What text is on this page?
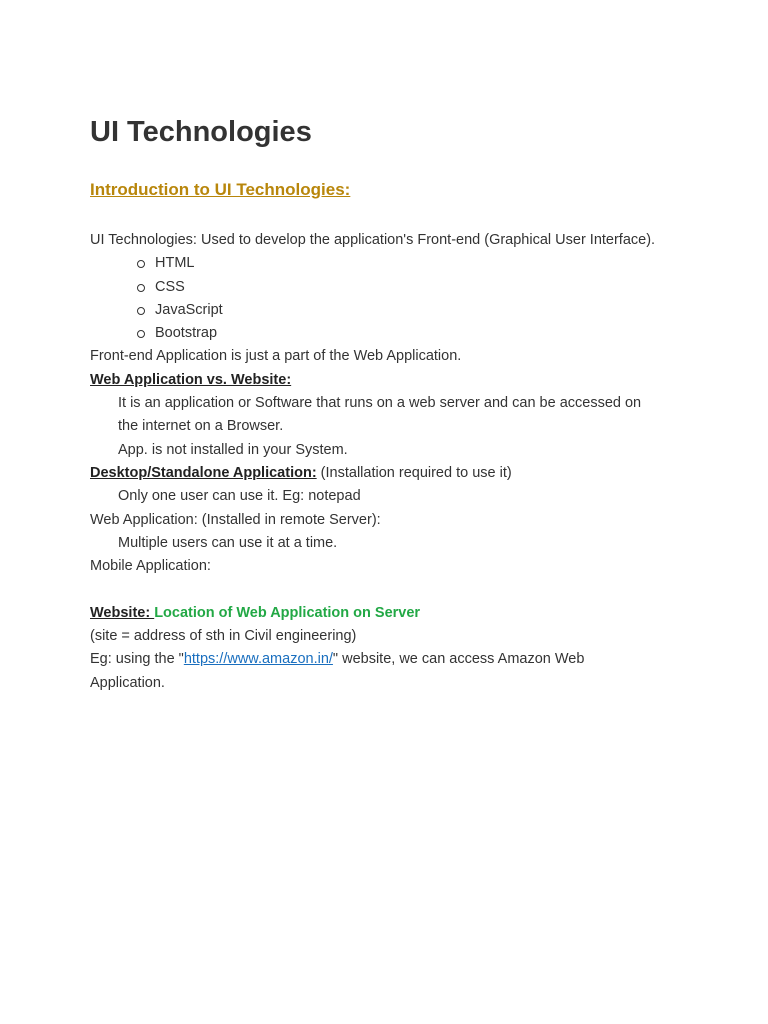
UI Technologies
Introduction to UI Technologies:
UI Technologies: Used to develop the application's Front-end (Graphical User Interface).
HTML
CSS
JavaScript
Bootstrap
Front-end Application is just a part of the Web Application.
Web Application vs. Website:
It is an application or Software that runs on a web server and can be accessed on
the internet on a Browser.
App. is not installed in your System.
Desktop/Standalone Application: (Installation required to use it)
Only one user can use it. Eg: notepad
Web Application: (Installed in remote Server):
Multiple users can use it at a time.
Mobile Application:
Website: Location of Web Application on Server
(site = address of sth in Civil engineering)
Eg: using the "https://www.amazon.in/" website, we can access Amazon Web
Application.
